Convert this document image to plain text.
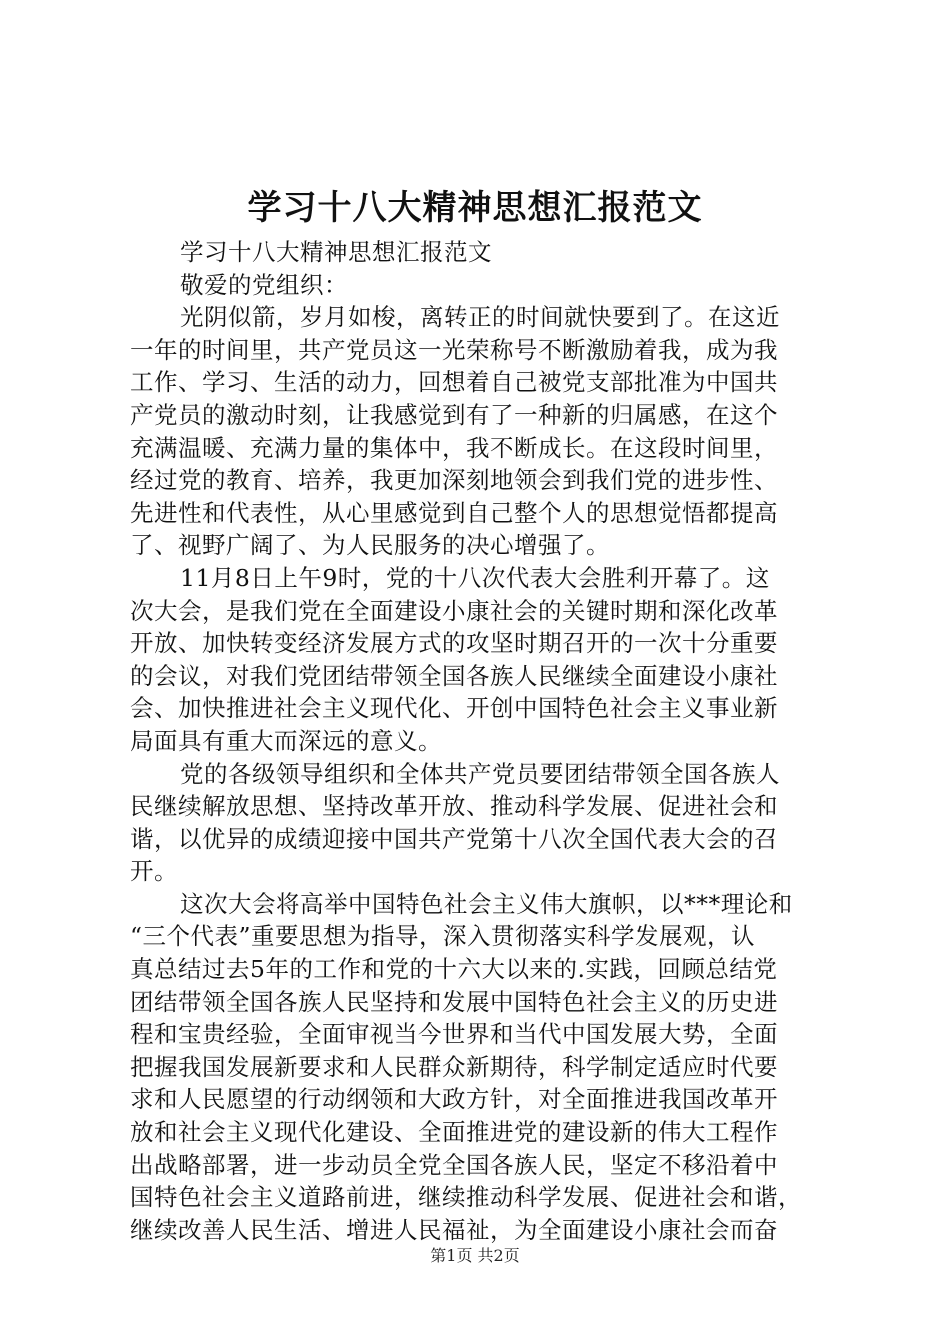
学习十八大精神思想汇报范文
学习十八大精神思想汇报范文
敬爱的党组织：
光阴似箭，岁月如梭，离转正的时间就快要到了。在这近
一年的时间里，共产党员这一光荣称号不断激励着我，成为我
工作、学习、生活的动力，回想着自己被党支部批准为中国共
产党员的激动时刻，让我感觉到有了一种新的归属感，在这个
充满温暖、充满力量的集体中，我不断成长。在这段时间里，
经过党的教育、培养，我更加深刻地领会到我们党的进步性、
先进性和代表性，从心里感觉到自己整个人的思想觉悟都提高
了、视野广阔了、为人民服务的决心增强了。
11月8日上午9时，党的十八次代表大会胜利开幕了。这
次大会，是我们党在全面建设小康社会的关键时期和深化改革
开放、加快转变经济发展方式的攻坚时期召开的一次十分重要
的会议，对我们党团结带领全国各族人民继续全面建设小康社
会、加快推进社会主义现代化、开创中国特色社会主义事业新
局面具有重大而深远的意义。
党的各级领导组织和全体共产党员要团结带领全国各族人
民继续解放思想、坚持改革开放、推动科学发展、促进社会和
谐，以优异的成绩迎接中国共产党第十八次全国代表大会的召
开。
这次大会将高举中国特色社会主义伟大旗帜，以***理论和
“三个代表”重要思想为指导，深入贯彻落实科学发展观，认
真总结过去5年的工作和党的十六大以来的.实践，回顾总结党
团结带领全国各族人民坚持和发展中国特色社会主义的历史进
程和宝贵经验，全面审视当今世界和当代中国发展大势，全面
把握我国发展新要求和人民群众新期待，科学制定适应时代要
求和人民愿望的行动纲领和大政方针，对全面推进我国改革开
放和社会主义现代化建设、全面推进党的建设新的伟大工程作
出战略部署，进一步动员全党全国各族人民，坚定不移沿着中
国特色社会主义道路前进，继续推动科学发展、促进社会和谐，
继续改善人民生活、增进人民福祉，为全面建设小康社会而奋
第1页 共2页
